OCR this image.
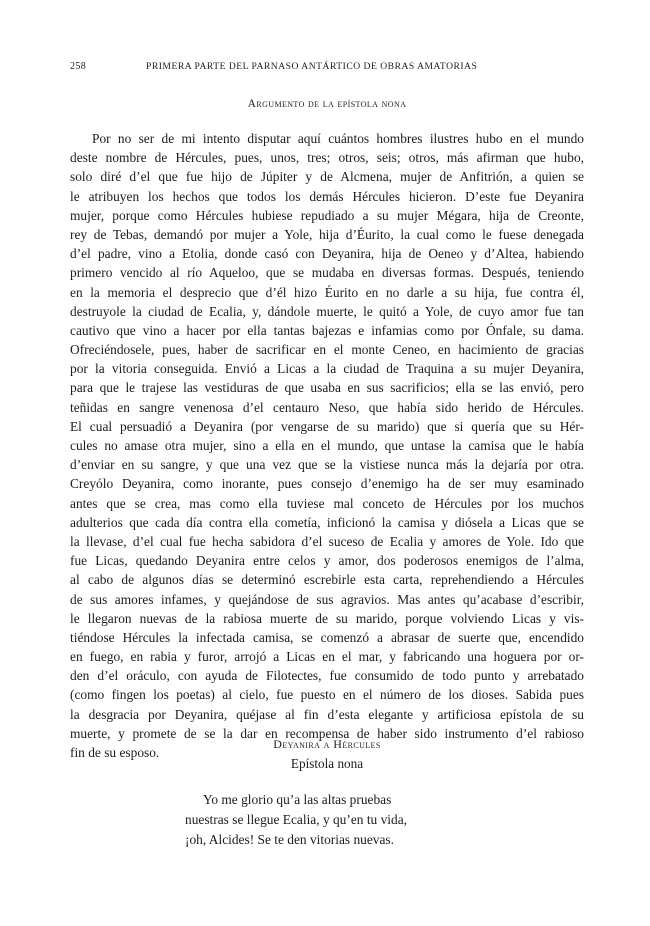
258	PRIMERA PARTE DEL PARNASO ANTÁRTICO DE OBRAS AMATORIAS
Argumento de la epístola nona
Por no ser de mi intento disputar aquí cuántos hombres ilustres hubo en el mundo
deste nombre de Hércules, pues, unos, tres; otros, seis; otros, más afirman que hubo,
solo diré d’el que fue hijo de Júpiter y de Alcmena, mujer de Anfitrión, a quien se
le atribuyen los hechos que todos los demás Hércules hicieron. D’este fue Deyanira
mujer, porque como Hércules hubiese repudiado a su mujer Mégara, hija de Creonte,
rey de Tebas, demandó por mujer a Yole, hija d’Éurito, la cual como le fuese denegada
d’el padre, vino a Etolia, donde casó con Deyanira, hija de Oeneo y d’Altea, habiendo
primero vencido al río Aqueloo, que se mudaba en diversas formas. Después, teniendo
en la memoria el desprecio que d’él hizo Éurito en no darle a su hija, fue contra él,
destruyole la ciudad de Ecalia, y, dándole muerte, le quitó a Yole, de cuyo amor fue tan
cautivo que vino a hacer por ella tantas bajezas e infamias como por Ónfale, su dama.
Ofreciéndosele, pues, haber de sacrificar en el monte Ceneo, en hacimiento de gracias
por la vitoria conseguida. Envió a Licas a la ciudad de Traquina a su mujer Deyanira,
para que le trajese las vestiduras de que usaba en sus sacrificios; ella se las envió, pero
teñidas en sangre venenosa d’el centauro Neso, que había sido herido de Hércules.
El cual persuadió a Deyanira (por vengarse de su marido) que si quería que su Hér-
cules no amase otra mujer, sino a ella en el mundo, que untase la camisa que le había
d’enviar en su sangre, y que una vez que se la vistiese nunca más la dejaría por otra.
Creyólo Deyanira, como inorante, pues consejo d’enemigo ha de ser muy esaminado
antes que se crea, mas como ella tuviese mal conceto de Hércules por los muchos
adulterios que cada día contra ella cometía, inficionó la camisa y diósela a Licas que se
la llevase, d’el cual fue hecha sabidora d’el suceso de Ecalia y amores de Yole. Ido que
fue Licas, quedando Deyanira entre celos y amor, dos poderosos enemigos de l’alma,
al cabo de algunos días se determinó escrebirle esta carta, reprehendiendo a Hércules
de sus amores infames, y quejándose de sus agravios. Mas antes qu’acabase d’escribir,
le llegaron nuevas de la rabiosa muerte de su marido, porque volviendo Licas y vis-
tiéndose Hércules la infectada camisa, se comenzó a abrasar de suerte que, encendido
en fuego, en rabia y furor, arrojó a Licas en el mar, y fabricando una hoguera por or-
den d’el oráculo, con ayuda de Filotectes, fue consumido de todo punto y arrebatado
(como fingen los poetas) al cielo, fue puesto en el número de los dioses. Sabida pues
la desgracia por Deyanira, quéjase al fin d’esta elegante y artificiosa epístola de su
muerte, y promete de se la dar en recompensa de haber sido instrumento d’el rabioso
fin de su esposo.
Deyanira a Hércules
Epístola nona
Yo me glorio qu’a las altas pruebas
nuestras se llegue Ecalia, y qu’en tu vida,
¡oh, Alcides! Se te den vitorias nuevas.
